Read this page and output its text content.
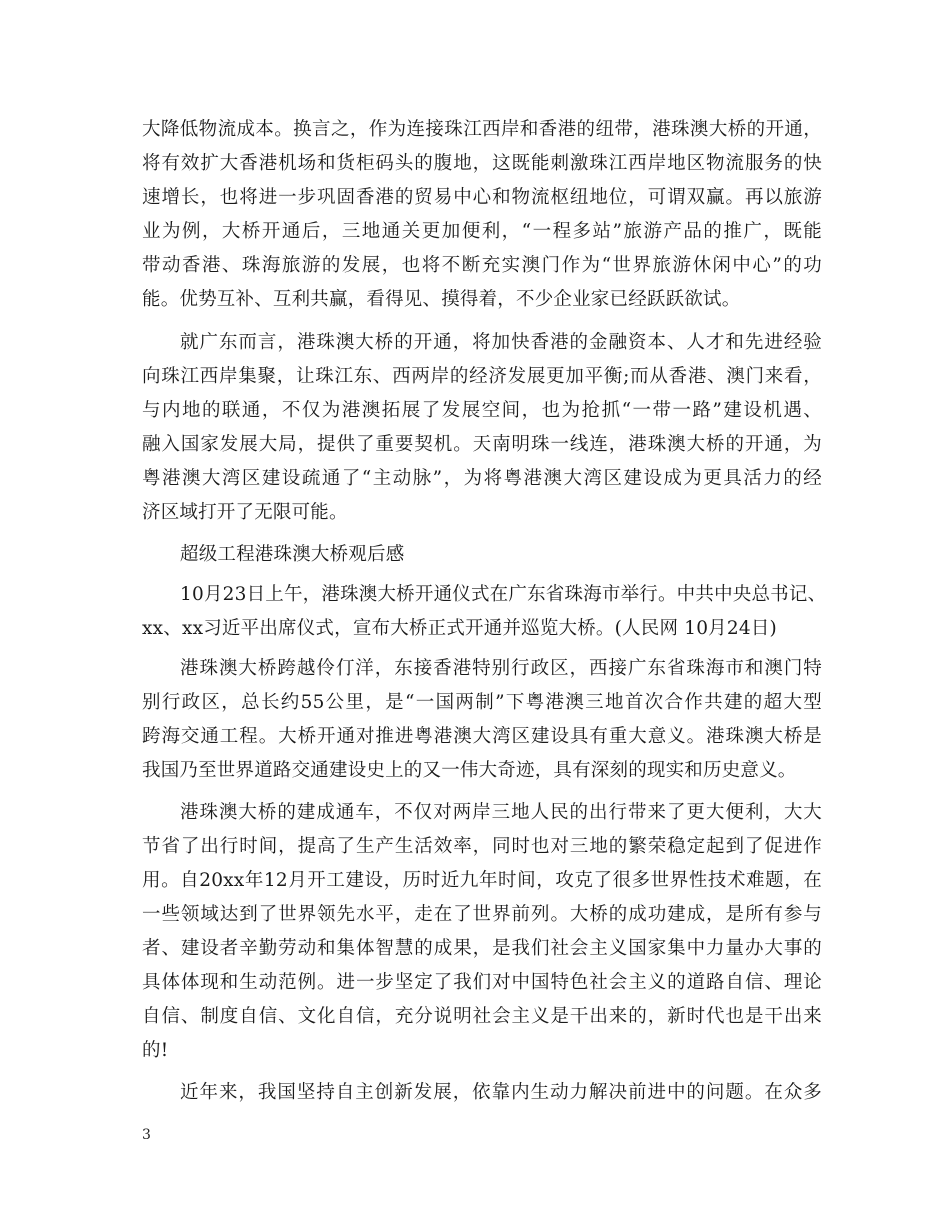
大降低物流成本。换言之，作为连接珠江西岸和香港的纽带，港珠澳大桥的开通，
将有效扩大香港机场和货柜码头的腹地，这既能刺激珠江西岸地区物流服务的快
速增长，也将进一步巩固香港的贸易中心和物流枢纽地位，可谓双赢。再以旅游
业为例，大桥开通后，三地通关更加便利，“一程多站”旅游产品的推广，既能
带动香港、珠海旅游的发展，也将不断充实澳门作为“世界旅游休闲中心”的功
能。优势互补、互利共赢，看得见、摸得着，不少企业家已经跃跃欲试。
就广东而言，港珠澳大桥的开通，将加快香港的金融资本、人才和先进经验
向珠江西岸集聚，让珠江东、西两岸的经济发展更加平衡;而从香港、澳门来看，
与内地的联通，不仅为港澳拓展了发展空间，也为抢抓“一带一路”建设机遇、
融入国家发展大局，提供了重要契机。天南明珠一线连，港珠澳大桥的开通，为
粤港澳大湾区建设疏通了“主动脉”，为将粤港澳大湾区建设成为更具活力的经
济区域打开了无限可能。
超级工程港珠澳大桥观后感
10月23日上午，港珠澳大桥开通仪式在广东省珠海市举行。中共中央总书记、
xx、xx习近平出席仪式，宣布大桥正式开通并巡览大桥。(人民网 10月24日)
港珠澳大桥跨越伶仃洋，东接香港特别行政区，西接广东省珠海市和澳门特
别行政区，总长约55公里，是“一国两制”下粤港澳三地首次合作共建的超大型
跨海交通工程。大桥开通对推进粤港澳大湾区建设具有重大意义。港珠澳大桥是
我国乃至世界道路交通建设史上的又一伟大奇迹，具有深刻的现实和历史意义。
港珠澳大桥的建成通车，不仅对两岸三地人民的出行带来了更大便利，大大
节省了出行时间，提高了生产生活效率，同时也对三地的繁荣稳定起到了促进作
用。自20xx年12月开工建设，历时近九年时间，攻克了很多世界性技术难题，在
一些领域达到了世界领先水平，走在了世界前列。大桥的成功建成，是所有参与
者、建设者辛勤劳动和集体智慧的成果，是我们社会主义国家集中力量办大事的
具体体现和生动范例。进一步坚定了我们对中国特色社会主义的道路自信、理论
自信、制度自信、文化自信，充分说明社会主义是干出来的，新时代也是干出来
的!
近年来，我国坚持自主创新发展，依靠内生动力解决前进中的问题。在众多
3
